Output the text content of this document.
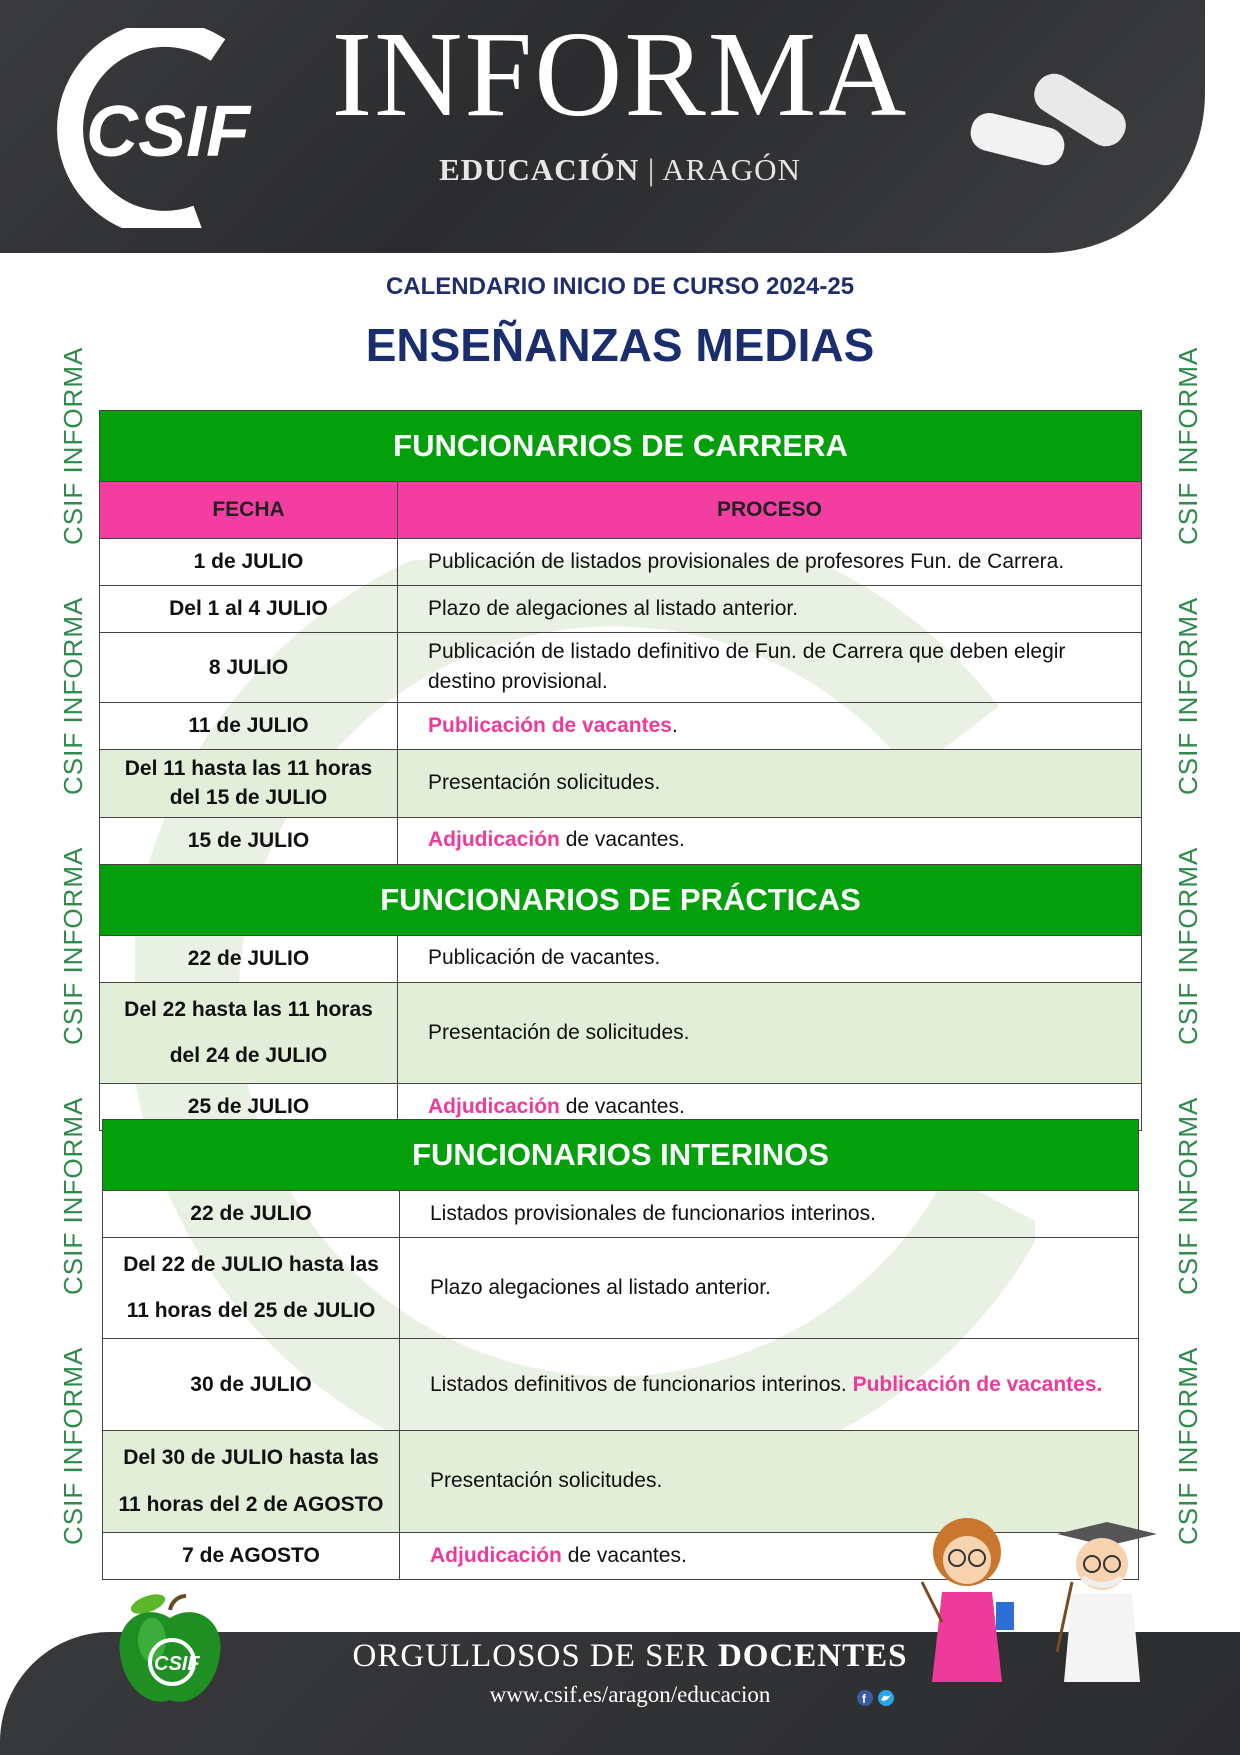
CSIF INFORMA
EDUCACIÓN | ARAGÓN
CALENDARIO INICIO DE CURSO 2024-25
ENSEÑANZAS MEDIAS
CSIF INFORMA
CSIF INFORMA
CSIF INFORMA
CSIF INFORMA
CSIF INFORMA
CSIF INFORMA
CSIF INFORMA
CSIF INFORMA
CSIF INFORMA
CSIF INFORMA
FUNCIONARIOS DE CARRERA	
FECHA	PROCESO
1 de JULIO	Publicación de listados provisionales de profesores Fun. de Carrera.
Del 1 al 4 JULIO	Plazo de alegaciones al listado anterior.
8 JULIO	Publicación de listado definitivo de Fun. de Carrera que deben elegir destino provisional.
11 de JULIO	Publicación de vacantes.
Del 11 hasta las 11 horas del 15 de JULIO	Presentación solicitudes.
15 de JULIO	Adjudicación de vacantes.
FUNCIONARIOS DE PRÁCTICAS	
22 de JULIO	Publicación de vacantes.
Del 22 hasta las 11 horas del 24 de JULIO	Presentación de solicitudes.
25 de JULIO	Adjudicación de vacantes.
FUNCIONARIOS INTERINOS	
22 de JULIO	Listados provisionales de funcionarios interinos.
Del 22 de JULIO hasta las 11 horas del 25 de JULIO	Plazo alegaciones al listado anterior.
30 de JULIO	Listados definitivos de funcionarios interinos. Publicación de vacantes.
Del 30 de JULIO hasta las 11 horas del 2 de AGOSTO	Presentación solicitudes.
7 de AGOSTO	Adjudicación de vacantes.
CSIF	ORGULLOSOS DE SER DOCENTES
www.csif.es/aragon/educacion	f
